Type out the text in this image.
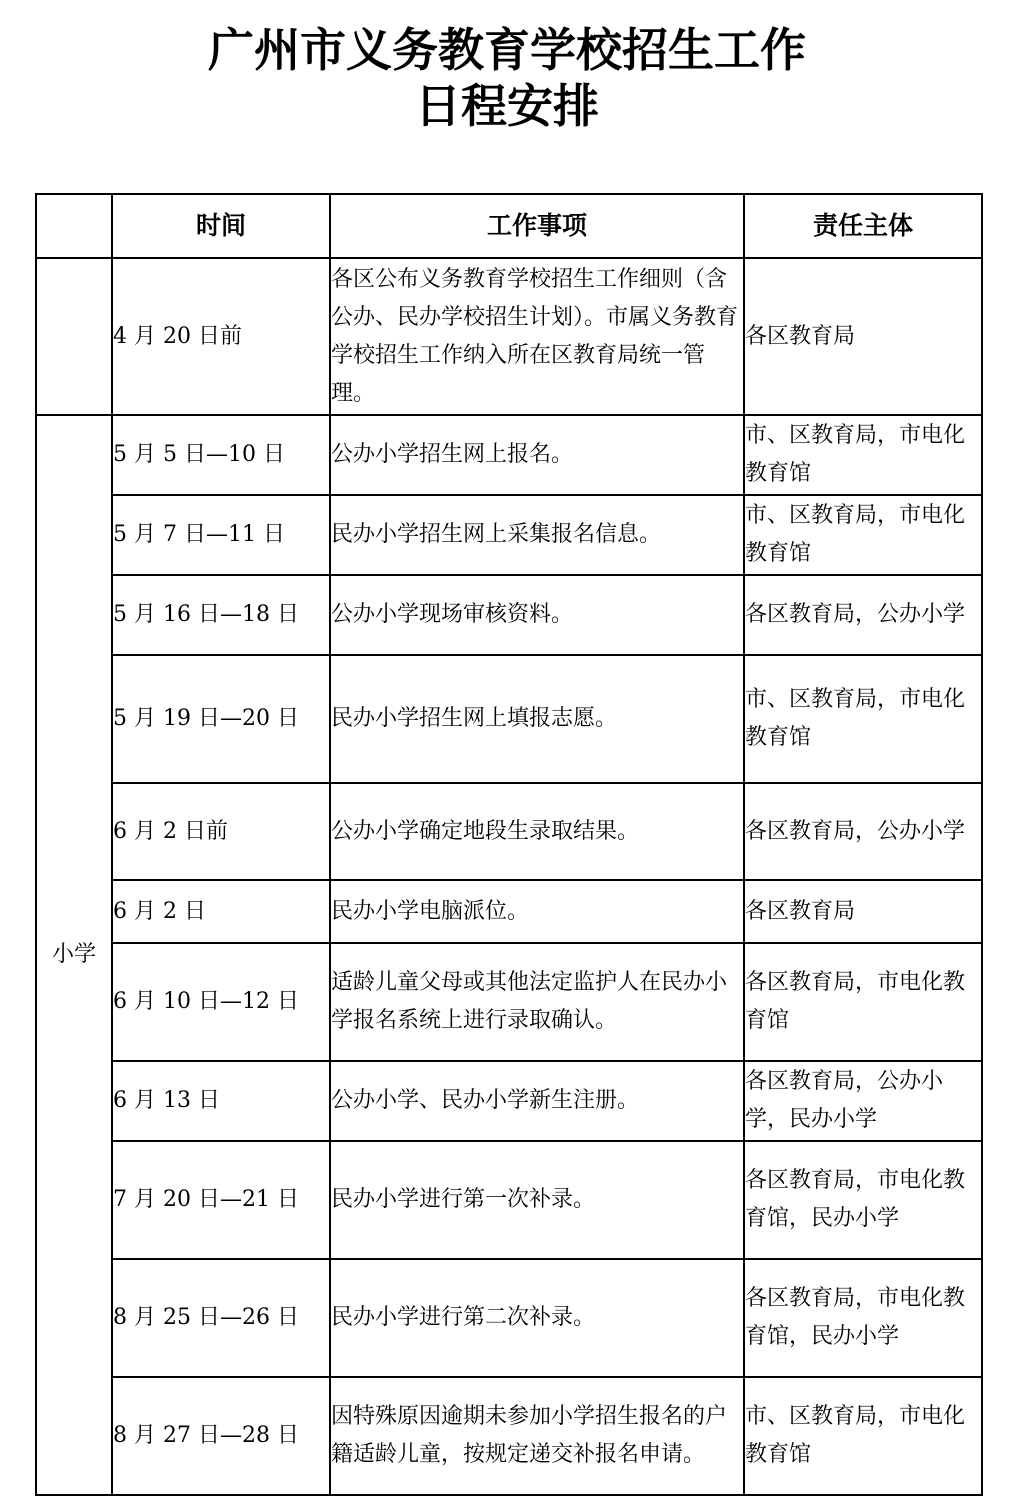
广州市义务教育学校招生工作
日程安排
	时间	工作事项	责任主体
	4 月 20 日前	各区公布义务教育学校招生工作细则（含公办、民办学校招生计划）。市属义务教育学校招生工作纳入所在区教育局统一管理。	各区教育局
小学	5 月 5 日—10 日	公办小学招生网上报名。	市、区教育局，市电化教育馆
	5 月 7 日—11 日	民办小学招生网上采集报名信息。	市、区教育局，市电化教育馆
	5 月 16 日—18 日	公办小学现场审核资料。	各区教育局，公办小学
	5 月 19 日—20 日	民办小学招生网上填报志愿。	市、区教育局，市电化教育馆
	6 月 2 日前	公办小学确定地段生录取结果。	各区教育局，公办小学
	6 月 2 日	民办小学电脑派位。	各区教育局
	6 月 10 日—12 日	适龄儿童父母或其他法定监护人在民办小学报名系统上进行录取确认。	各区教育局，市电化教育馆
	6 月 13 日	公办小学、民办小学新生注册。	各区教育局，公办小学，民办小学
	7 月 20 日—21 日	民办小学进行第一次补录。	各区教育局，市电化教育馆，民办小学
	8 月 25 日—26 日	民办小学进行第二次补录。	各区教育局，市电化教育馆，民办小学
	8 月 27 日—28 日	因特殊原因逾期未参加小学招生报名的户籍适龄儿童，按规定递交补报名申请。	市、区教育局，市电化教育馆
